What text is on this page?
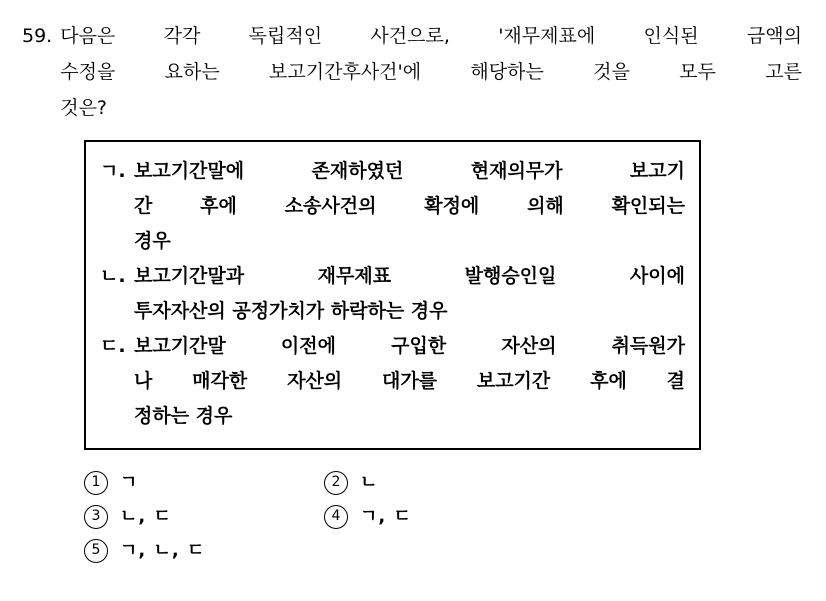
59. 다음은 각각 독립적인 사건으로, '재무제표에 인식된 금액의
수정을 요하는 보고기간후사건'에 해당하는 것을 모두 고른
것은?
ㄱ. 보고기간말에 존재하였던 현재의무가 보고기
간 후에 소송사건의 확정에 의해 확인되는
경우
ㄴ. 보고기간말과 재무제표 발행승인일 사이에
투자자산의 공정가치가 하락하는 경우
ㄷ. 보고기간말 이전에 구입한 자산의 취득원가
나 매각한 자산의 대가를 보고기간 후에 결
정하는 경우
1	ㄱ	2	ㄴ
3	ㄴ, ㄷ	4	ㄱ, ㄷ
5	ㄱ, ㄴ, ㄷ
